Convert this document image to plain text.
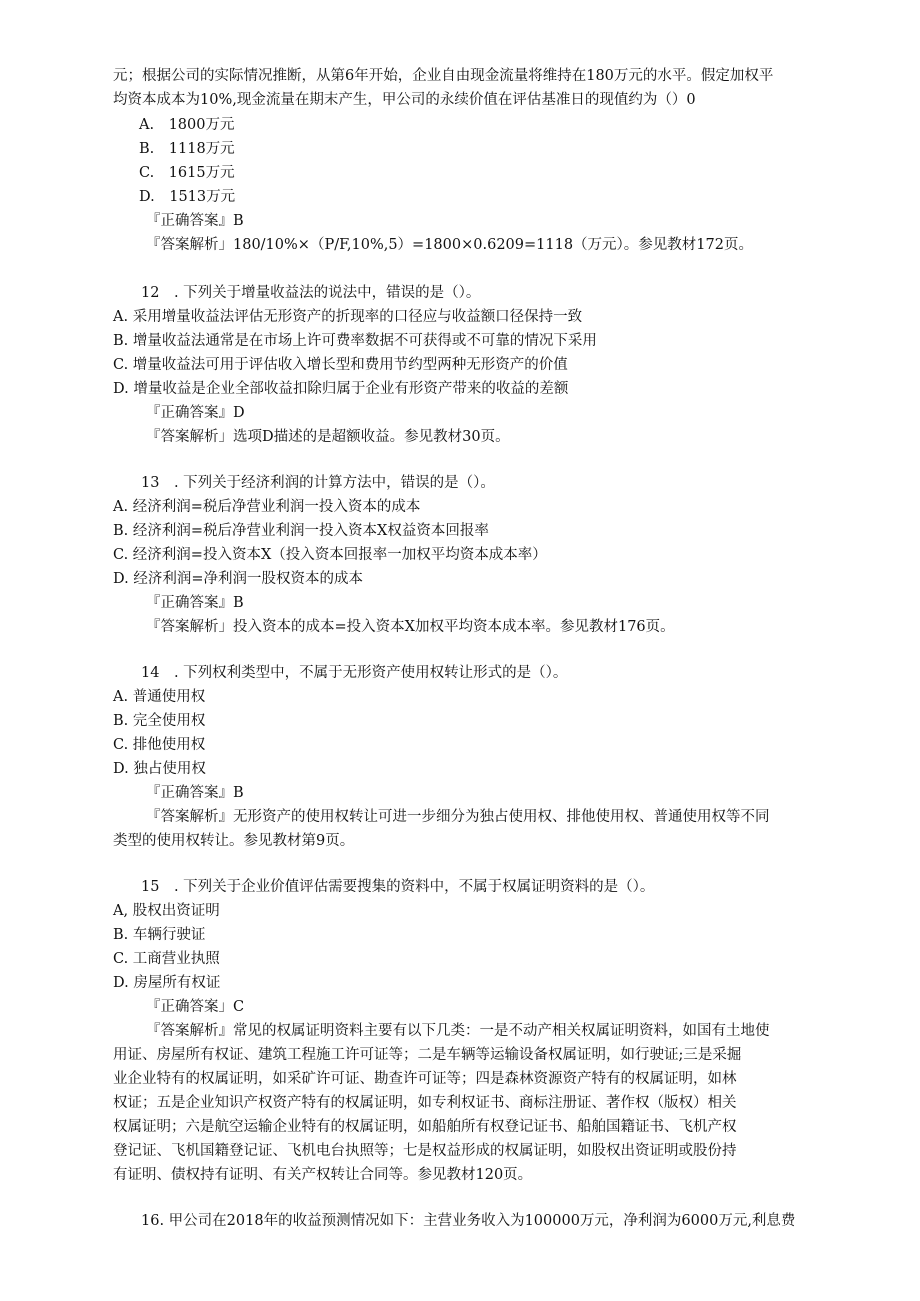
元；根据公司的实际情况推断，从第6年开始，企业自由现金流量将维持在180万元的水平。假定加权平
均资本成本为10%,现金流量在期末产生，甲公司的永续价值在评估基准日的现值约为（）0
A.　1800万元
B.　1118万元
C.　1615万元
D.　1513万元
『正确答案』B
『答案解析」180/10%×（P/F,10%,5）=1800×0.6209=1118（万元）。参见教材172页。
12　. 下列关于增量收益法的说法中，错误的是（）。
A. 采用增量收益法评估无形资产的折现率的口径应与收益额口径保持一致
B. 增量收益法通常是在市场上许可费率数据不可获得或不可靠的情况下采用
C. 增量收益法可用于评估收入增长型和费用节约型两种无形资产的价值
D. 增量收益是企业全部收益扣除归属于企业有形资产带来的收益的差额
『正确答案』D
『答案解析」选项D描述的是超额收益。参见教材30页。
13　. 下列关于经济利润的计算方法中，错误的是（）。
A. 经济利润=税后净营业利润一投入资本的成本
B. 经济利润=税后净营业利润一投入资本X权益资本回报率
C. 经济利润=投入资本X（投入资本回报率一加权平均资本成本率）
D. 经济利润=净利润一股权资本的成本
『正确答案』B
『答案解析」投入资本的成本=投入资本X加权平均资本成本率。参见教材176页。
14　. 下列权利类型中，不属于无形资产使用权转让形式的是（）。
A. 普通使用权
B. 完全使用权
C. 排他使用权
D. 独占使用权
『正确答案』B
『答案解析』无形资产的使用权转让可进一步细分为独占使用权、排他使用权、普通使用权等不同
类型的使用权转让。参见教材第9页。
15　. 下列关于企业价值评估需要搜集的资料中，不属于权属证明资料的是（）。
A, 股权出资证明
B. 车辆行驶证
C. 工商营业执照
D. 房屋所有权证
『正确答案」C
『答案解析』常见的权属证明资料主要有以下几类：一是不动产相关权属证明资料，如国有土地使
用证、房屋所有权证、建筑工程施工许可证等；二是车辆等运输设备权属证明，如行驶证;三是采掘
业企业特有的权属证明，如采矿许可证、勘查许可证等；四是森林资源资产特有的权属证明，如林
权证；五是企业知识产权资产特有的权属证明，如专利权证书、商标注册证、著作权（版权）相关
权属证明；六是航空运输企业特有的权属证明，如船舶所有权登记证书、船舶国籍证书、飞机产权
登记证、飞机国籍登记证、飞机电台执照等；七是权益形成的权属证明，如股权出资证明或股份持
有证明、债权持有证明、有关产权转让合同等。参见教材120页。
16. 甲公司在2018年的收益预测情况如下：主营业务收入为100000万元，净利润为6000万元,利息费
